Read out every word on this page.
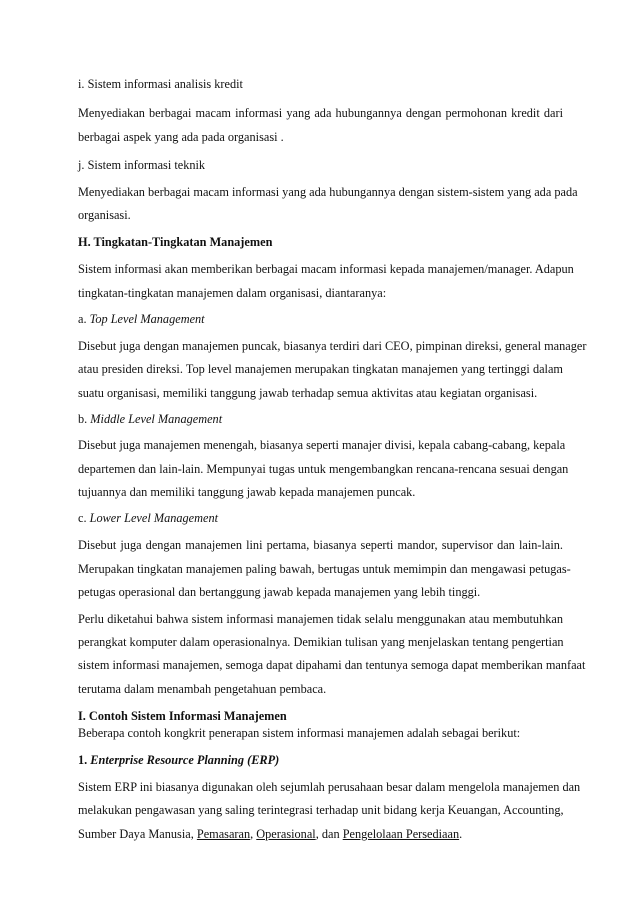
i. Sistem informasi analisis kredit
Menyediakan berbagai macam informasi yang ada hubungannya dengan permohonan kredit dari
berbagai aspek yang ada pada organisasi .
j. Sistem informasi teknik
Menyediakan berbagai macam informasi yang ada hubungannya dengan sistem-sistem yang ada pada
organisasi.
H. Tingkatan-Tingkatan Manajemen
Sistem informasi akan memberikan berbagai macam informasi kepada manajemen/manager. Adapun
tingkatan-tingkatan manajemen dalam organisasi, diantaranya:
a. Top Level Management
Disebut juga dengan manajemen puncak, biasanya terdiri dari CEO, pimpinan direksi, general manager
atau presiden direksi. Top level manajemen merupakan tingkatan manajemen yang tertinggi dalam
suatu organisasi, memiliki tanggung jawab terhadap semua aktivitas atau kegiatan organisasi.
b. Middle Level Management
Disebut juga manajemen menengah, biasanya seperti manajer divisi, kepala cabang-cabang, kepala
departemen dan lain-lain. Mempunyai tugas untuk mengembangkan rencana-rencana sesuai dengan
tujuannya dan memiliki tanggung jawab kepada manajemen puncak.
c. Lower Level Management
Disebut juga dengan manajemen lini pertama, biasanya seperti mandor, supervisor dan lain-lain.
Merupakan tingkatan manajemen paling bawah, bertugas untuk memimpin dan mengawasi petugas-
petugas operasional dan bertanggung jawab kepada manajemen yang lebih tinggi.
Perlu diketahui bahwa sistem informasi manajemen tidak selalu menggunakan atau membutuhkan
perangkat komputer dalam operasionalnya. Demikian tulisan yang menjelaskan tentang pengertian
sistem informasi manajemen, semoga dapat dipahami dan tentunya semoga dapat memberikan manfaat
terutama dalam menambah pengetahuan pembaca.
I. Contoh Sistem Informasi Manajemen
Beberapa contoh kongkrit penerapan sistem informasi manajemen adalah sebagai berikut:
1. Enterprise Resource Planning (ERP)
Sistem ERP ini biasanya digunakan oleh sejumlah perusahaan besar dalam mengelola manajemen dan
melakukan pengawasan yang saling terintegrasi terhadap unit bidang kerja Keuangan, Accounting,
Sumber Daya Manusia, Pemasaran, Operasional, dan Pengelolaan Persediaan.
